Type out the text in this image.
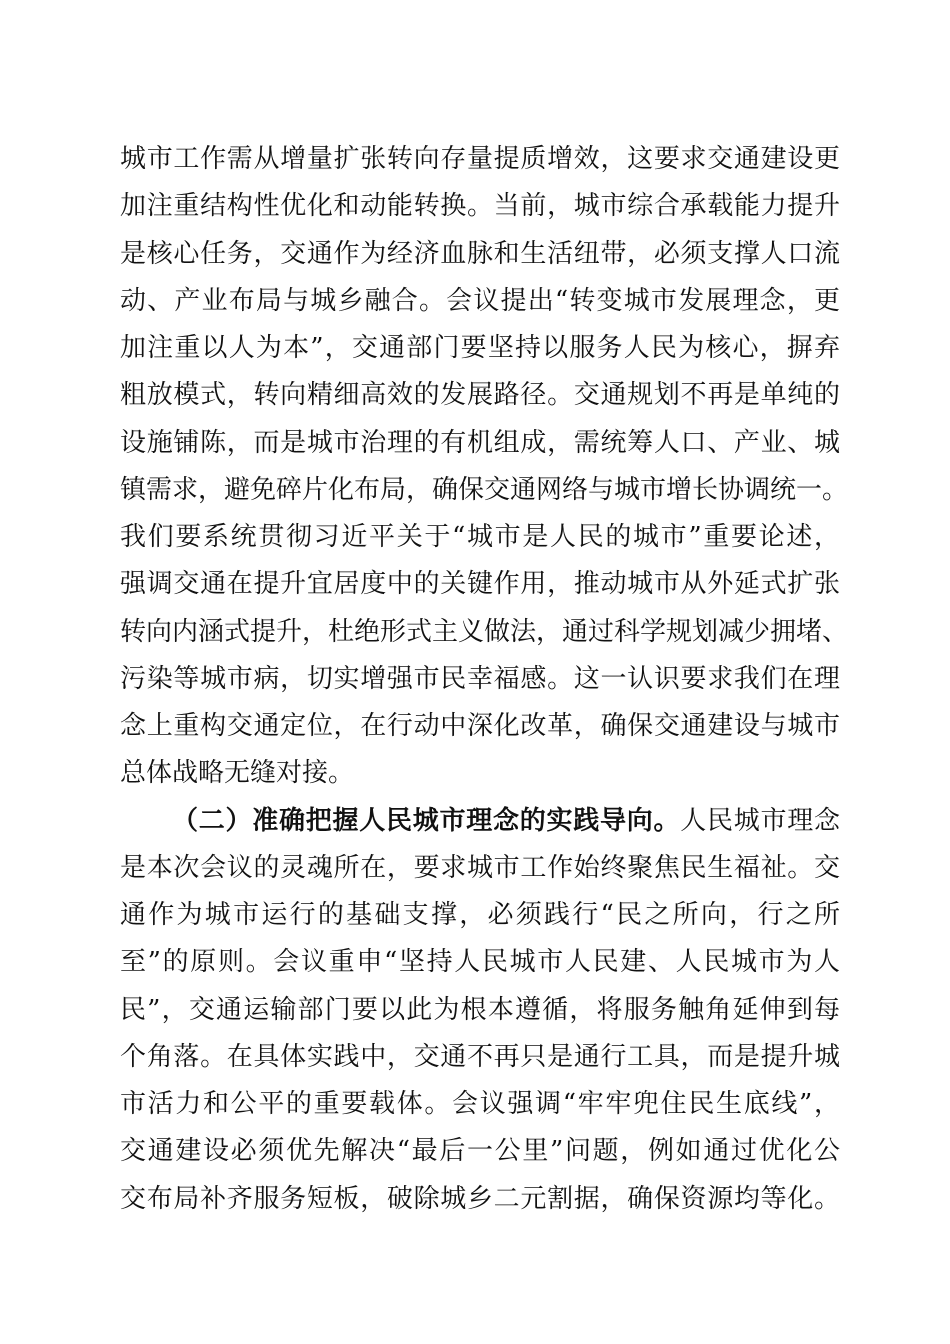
城市工作需从增量扩张转向存量提质增效，这要求交通建设更
加注重结构性优化和动能转换。当前，城市综合承载能力提升
是核心任务，交通作为经济血脉和生活纽带，必须支撑人口流
动、产业布局与城乡融合。会议提出“转变城市发展理念，更
加注重以人为本”，交通部门要坚持以服务人民为核心，摒弃
粗放模式，转向精细高效的发展路径。交通规划不再是单纯的
设施铺陈，而是城市治理的有机组成，需统筹人口、产业、城
镇需求，避免碎片化布局，确保交通网络与城市增长协调统一。
我们要系统贯彻习近平关于“城市是人民的城市”重要论述，
强调交通在提升宜居度中的关键作用，推动城市从外延式扩张
转向内涵式提升，杜绝形式主义做法，通过科学规划减少拥堵、
污染等城市病，切实增强市民幸福感。这一认识要求我们在理
念上重构交通定位，在行动中深化改革，确保交通建设与城市
总体战略无缝对接。
（二）准确把握人民城市理念的实践导向。人民城市理念
是本次会议的灵魂所在，要求城市工作始终聚焦民生福祉。交
通作为城市运行的基础支撑，必须践行“民之所向，行之所
至”的原则。会议重申“坚持人民城市人民建、人民城市为人
民”，交通运输部门要以此为根本遵循，将服务触角延伸到每
个角落。在具体实践中，交通不再只是通行工具，而是提升城
市活力和公平的重要载体。会议强调“牢牢兜住民生底线”，
交通建设必须优先解决“最后一公里”问题，例如通过优化公
交布局补齐服务短板，破除城乡二元割据，确保资源均等化。
